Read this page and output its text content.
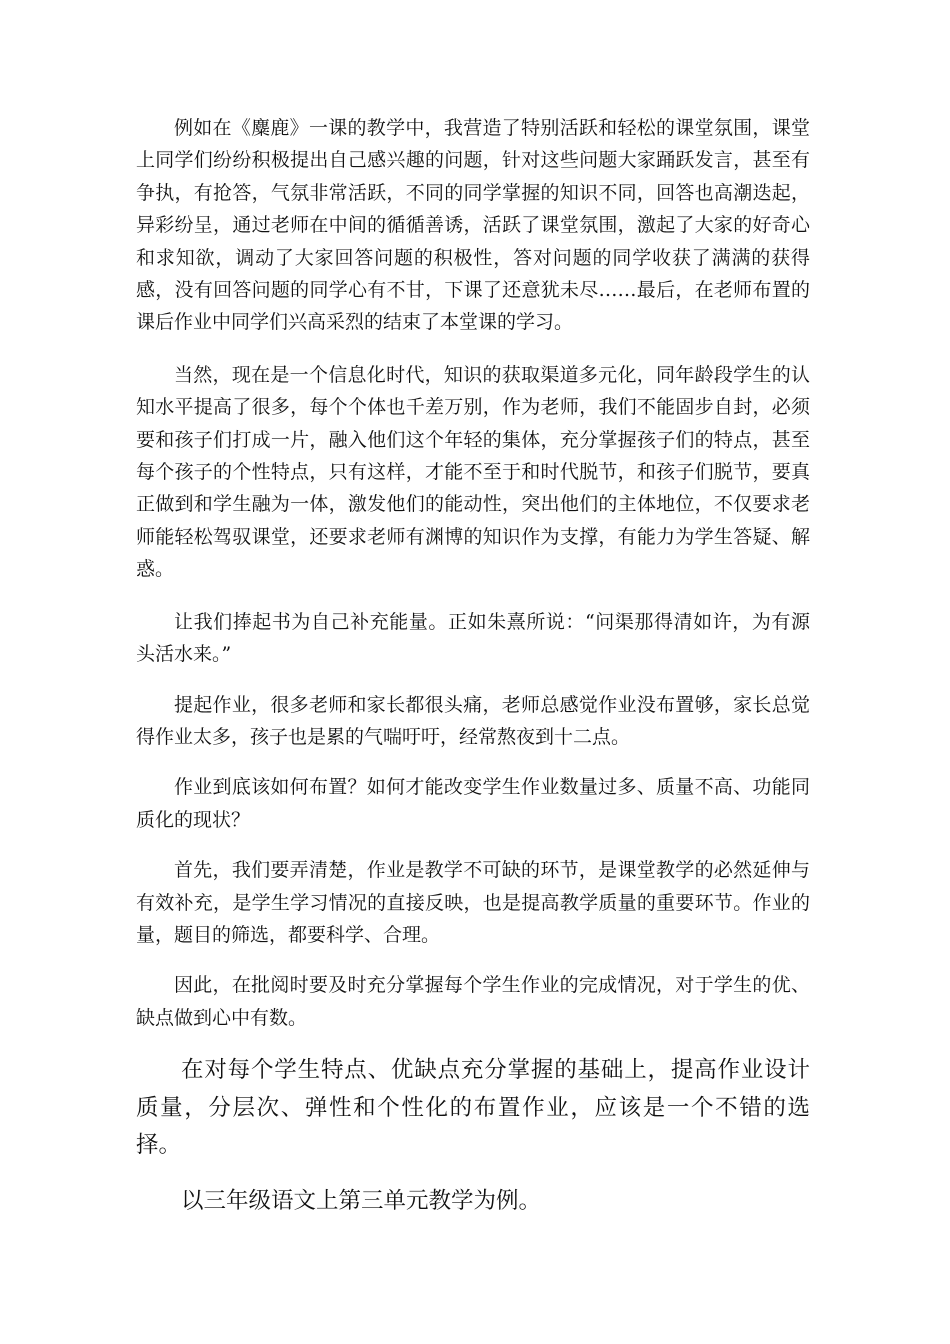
例如在《麋鹿》一课的教学中，我营造了特别活跃和轻松的课堂氛围，课堂上同学们纷纷积极提出自己感兴趣的问题，针对这些问题大家踊跃发言，甚至有争执，有抢答，气氛非常活跃，不同的同学掌握的知识不同，回答也高潮迭起，异彩纷呈，通过老师在中间的循循善诱，活跃了课堂氛围，激起了大家的好奇心和求知欲，调动了大家回答问题的积极性，答对问题的同学收获了满满的获得感，没有回答问题的同学心有不甘，下课了还意犹未尽……最后，在老师布置的课后作业中同学们兴高采烈的结束了本堂课的学习。

当然，现在是一个信息化时代，知识的获取渠道多元化，同年龄段学生的认知水平提高了很多，每个个体也千差万别，作为老师，我们不能固步自封，必须要和孩子们打成一片，融入他们这个年轻的集体，充分掌握孩子们的特点，甚至每个孩子的个性特点，只有这样，才能不至于和时代脱节，和孩子们脱节，要真正做到和学生融为一体，激发他们的能动性，突出他们的主体地位，不仅要求老师能轻松驾驭课堂，还要求老师有渊博的知识作为支撑，有能力为学生答疑、解惑。

让我们捧起书为自己补充能量。正如朱熹所说：“问渠那得清如许，为有源头活水来。”

提起作业，很多老师和家长都很头痛，老师总感觉作业没布置够，家长总觉得作业太多，孩子也是累的气喘吁吁，经常熬夜到十二点。

作业到底该如何布置？如何才能改变学生作业数量过多、质量不高、功能同质化的现状？

首先，我们要弄清楚，作业是教学不可缺的环节，是课堂教学的必然延伸与有效补充，是学生学习情况的直接反映，也是提高教学质量的重要环节。作业的量，题目的筛选，都要科学、合理。

因此，在批阅时要及时充分掌握每个学生作业的完成情况，对于学生的优、缺点做到心中有数。

在对每个学生特点、优缺点充分掌握的基础上，提高作业设计质量，分层次、弹性和个性化的布置作业，应该是一个不错的选择。

以三年级语文上第三单元教学为例。
